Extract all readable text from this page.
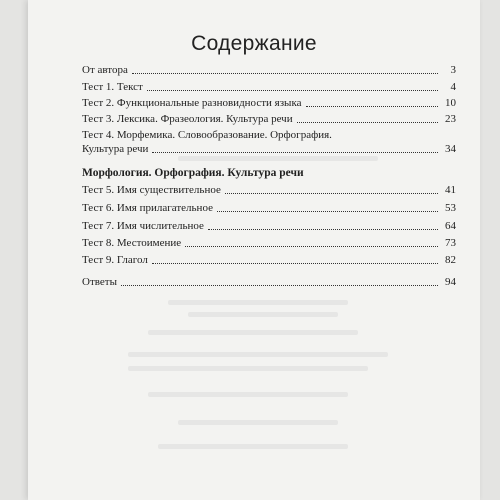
Содержание
От автора	3
Тест 1. Текст	4
Тест 2. Функциональные разновидности языка	10
Тест 3. Лексика. Фразеология. Культура речи	23
Тест 4. Морфемика. Словообразование. Орфография.
Культура речи	34
Морфология. Орфография. Культура речи
Тест 5. Имя существительное	41
Тест 6. Имя прилагательное	53
Тест 7. Имя числительное	64
Тест 8. Местоимение	73
Тест 9. Глагол	82
Ответы	94
